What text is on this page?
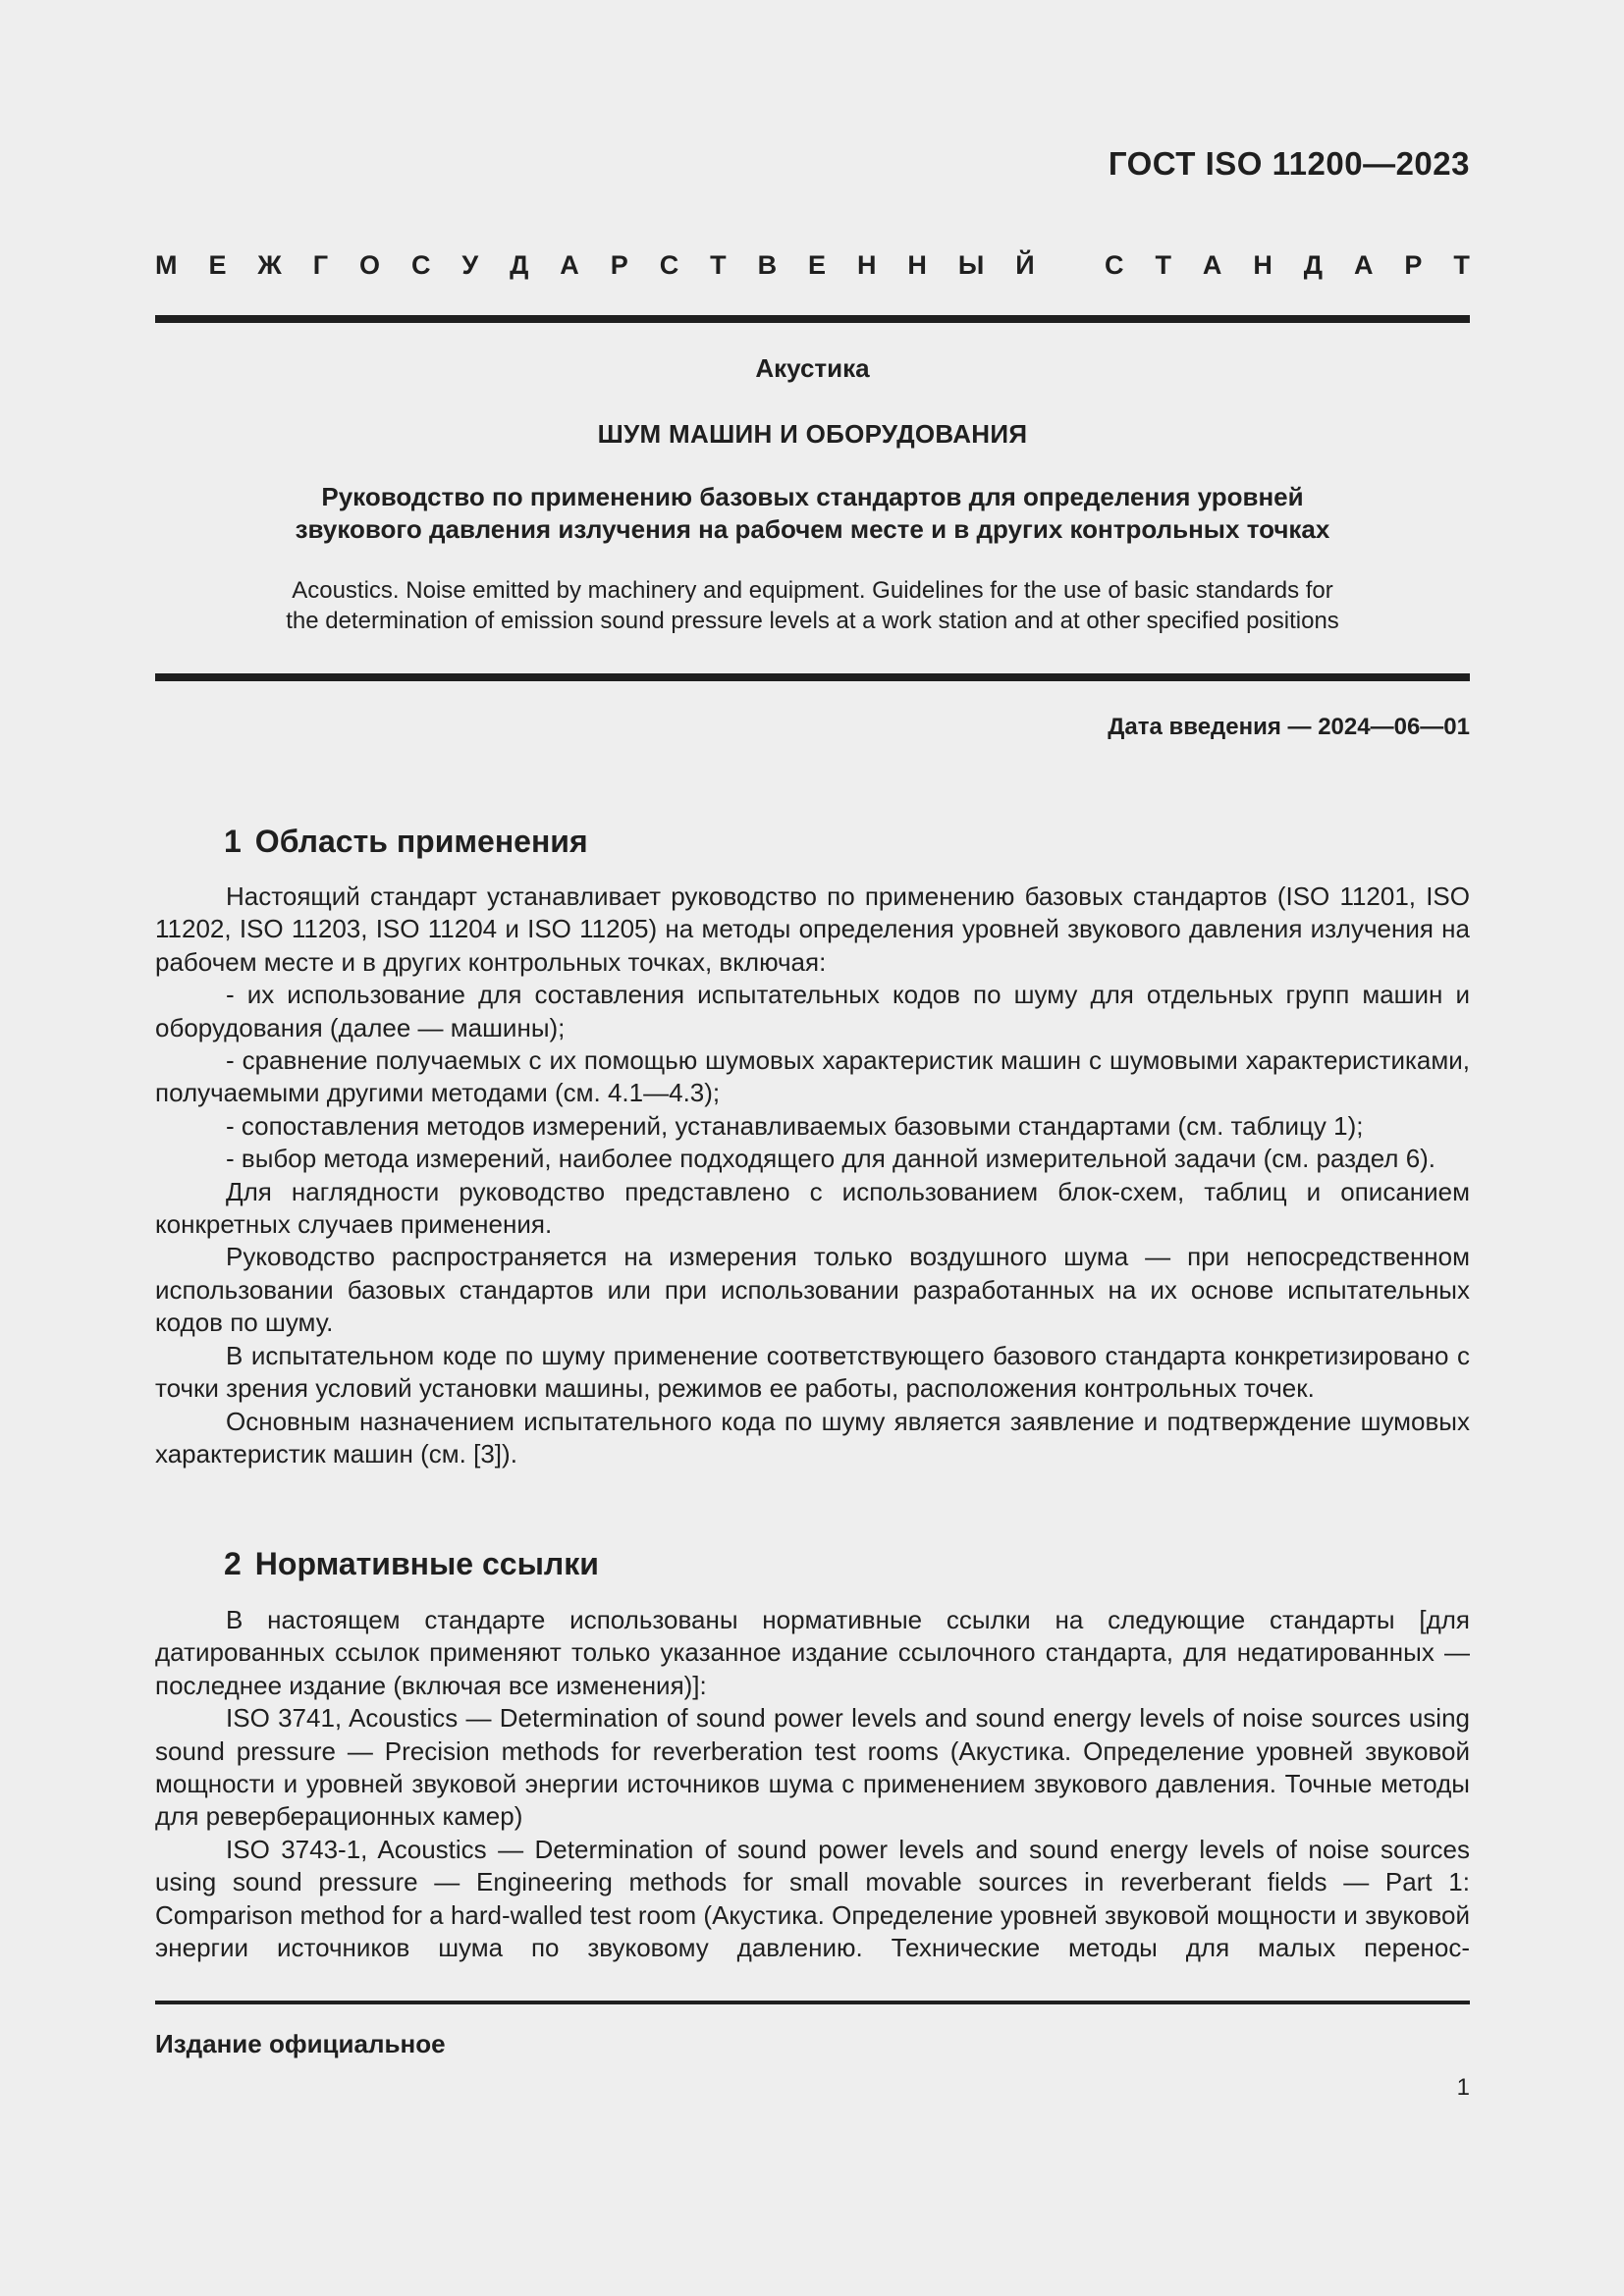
ГОСТ ISO 11200—2023
М Е Ж Г О С У Д А Р С Т В Е Н Н Ы Й
	С Т А Н Д А Р Т
Акустика
ШУМ МАШИН И ОБОРУДОВАНИЯ
Руководство по применению базовых стандартов для определения уровней
звукового давления излучения на рабочем месте и в других контрольных точках
Acoustics. Noise emitted by machinery and equipment. Guidelines for the use of basic standards for
the determination of emission sound pressure levels at a work station and at other specified positions
Дата введения — 2024—06—01
1 Область применения

Настоящий стандарт устанавливает руководство по применению базовых стандартов (ISO 11201, ISO 11202, ISO 11203, ISO 11204 и ISO 11205) на методы определения уровней звукового давления излучения на рабочем месте и в других контрольных точках, включая:

- их использование для составления испытательных кодов по шуму для отдельных групп машин и оборудования (далее — машины);

- сравнение получаемых с их помощью шумовых характеристик машин с шумовыми характеристиками, получаемыми другими методами (см. 4.1—4.3);

- сопоставления методов измерений, устанавливаемых базовыми стандартами (см. таблицу 1);

- выбор метода измерений, наиболее подходящего для данной измерительной задачи (см. раздел 6).

Для наглядности руководство представлено с использованием блок-схем, таблиц и описанием конкретных случаев применения.

Руководство распространяется на измерения только воздушного шума — при непосредственном использовании базовых стандартов или при использовании разработанных на их основе испытательных кодов по шуму.

В испытательном коде по шуму применение соответствующего базового стандарта конкретизировано с точки зрения условий установки машины, режимов ее работы, расположения контрольных точек.

Основным назначением испытательного кода по шуму является заявление и подтверждение шумовых характеристик машин (см. [3]).

2 Нормативные ссылки

В настоящем стандарте использованы нормативные ссылки на следующие стандарты [для датированных ссылок применяют только указанное издание ссылочного стандарта, для недатированных — последнее издание (включая все изменения)]:

ISO 3741, Acoustics — Determination of sound power levels and sound energy levels of noise sources using sound pressure — Precision methods for reverberation test rooms (Акустика. Определение уровней звуковой мощности и уровней звуковой энергии источников шума с применением звукового давления. Точные методы для реверберационных камер)

ISO 3743-1, Acoustics — Determination of sound power levels and sound energy levels of noise sources using sound pressure — Engineering methods for small movable sources in reverberant fields — Part 1: Comparison method for a hard-walled test room (Акустика. Определение уровней звуковой мощности и звуковой энергии источников шума по звуковому давлению. Технические методы для малых перенос-

Издание официальное
1
